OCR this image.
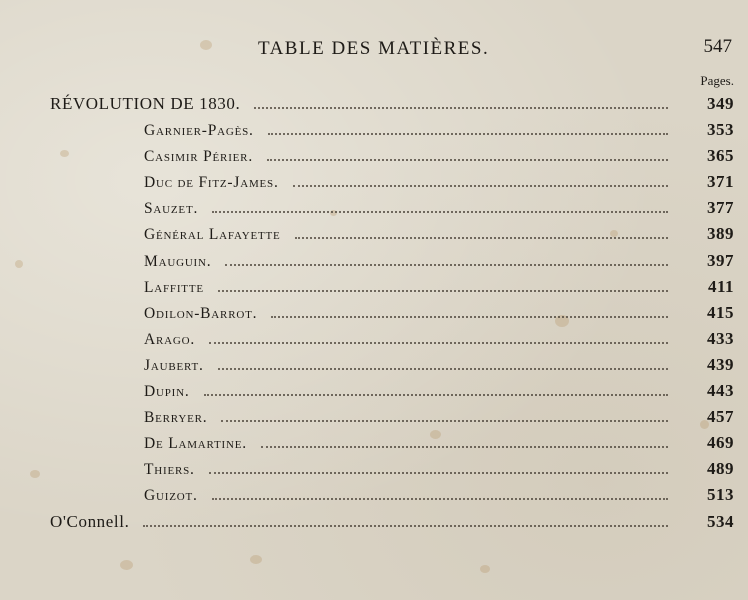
TABLE DES MATIÈRES.	547
Pages.
RÉVOLUTION DE 1830.	349
Garnier-Pagès.	353
Casimir Périer.	365
Duc de Fitz-James.	371
Sauzet.	377
Général Lafayette	389
Mauguin.	397
Laffitte	411
Odilon-Barrot.	415
Arago.	433
Jaubert.	439
Dupin.	443
Berryer.	457
De Lamartine.	469
Thiers.	489
Guizot.	513
O'Connell.	534
